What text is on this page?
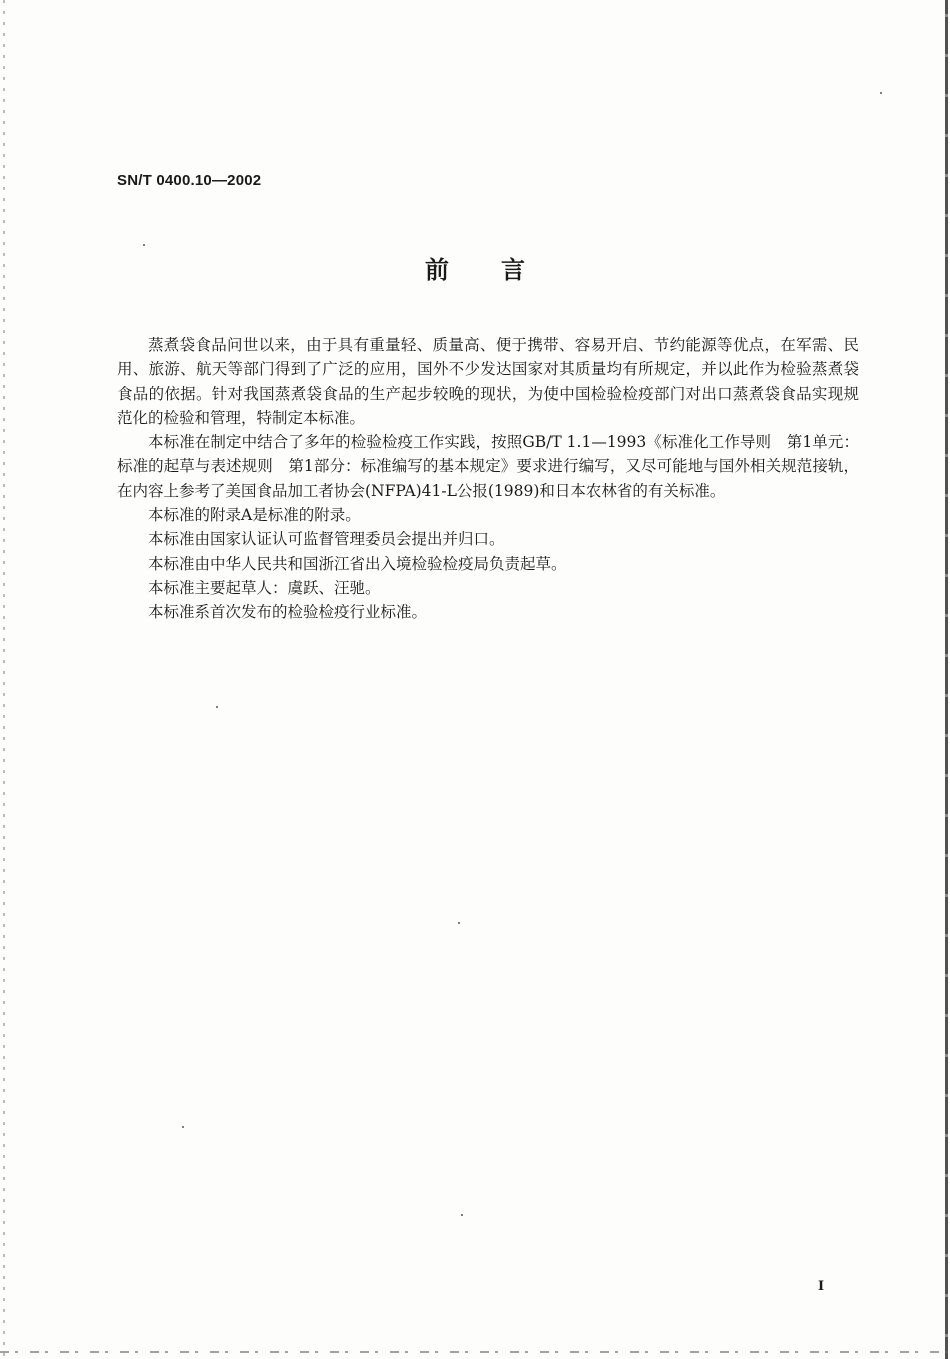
SN/T 0400.10—2002
前言

蒸煮袋食品问世以来，由于具有重量轻、质量高、便于携带、容易开启、节约能源等优点，在军需、民用、旅游、航天等部门得到了广泛的应用，国外不少发达国家对其质量均有所规定，并以此作为检验蒸煮袋食品的依据。针对我国蒸煮袋食品的生产起步较晚的现状，为使中国检验检疫部门对出口蒸煮袋食品实现规范化的检验和管理，特制定本标准。

本标准在制定中结合了多年的检验检疫工作实践，按照GB/T 1.1—1993《标准化工作导则　第1单元：标准的起草与表述规则　第1部分：标准编写的基本规定》要求进行编写，又尽可能地与国外相关规范接轨，在内容上参考了美国食品加工者协会(NFPA)41-L公报(1989)和日本农林省的有关标准。

本标准的附录A是标准的附录。

本标准由国家认证认可监督管理委员会提出并归口。

本标准由中华人民共和国浙江省出入境检验检疫局负责起草。

本标准主要起草人：虞跃、汪驰。

本标准系首次发布的检验检疫行业标准。

I
